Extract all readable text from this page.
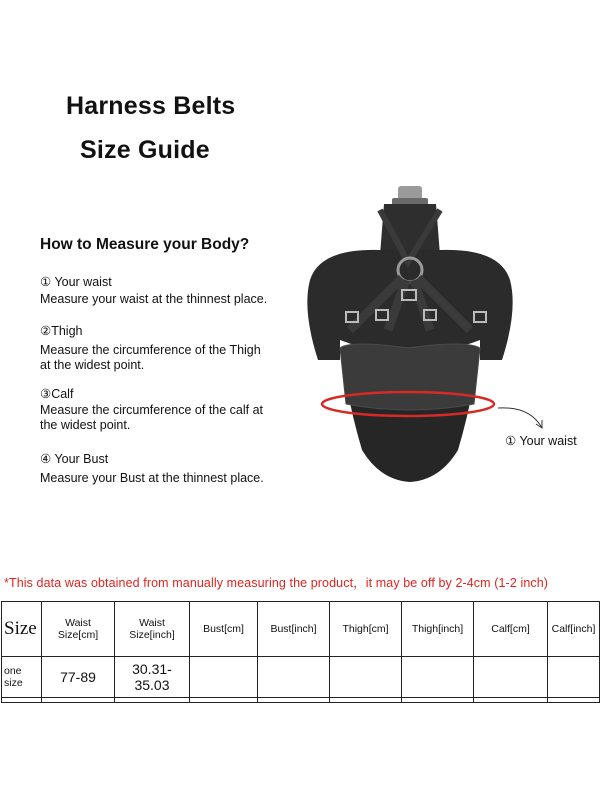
Harness Belts
Size Guide
How to Measure your Body?
① Your waist
Measure your waist at the thinnest place.
②Thigh
Measure the circumference of the Thigh at the widest point.
③Calf
Measure the circumference of the calf at the widest point.
④ Your Bust
Measure your Bust at the thinnest place.
① Your waist
*This data was obtained from manually measuring the product，it may be off by 2-4cm (1-2 inch)
Size	Waist Size[cm]	Waist Size[inch]	Bust[cm]	Bust[inch]	Thigh[cm]	Thigh[inch]	Calf[cm]	Calf[inch]
one size	77-89	30.31-35.03						
